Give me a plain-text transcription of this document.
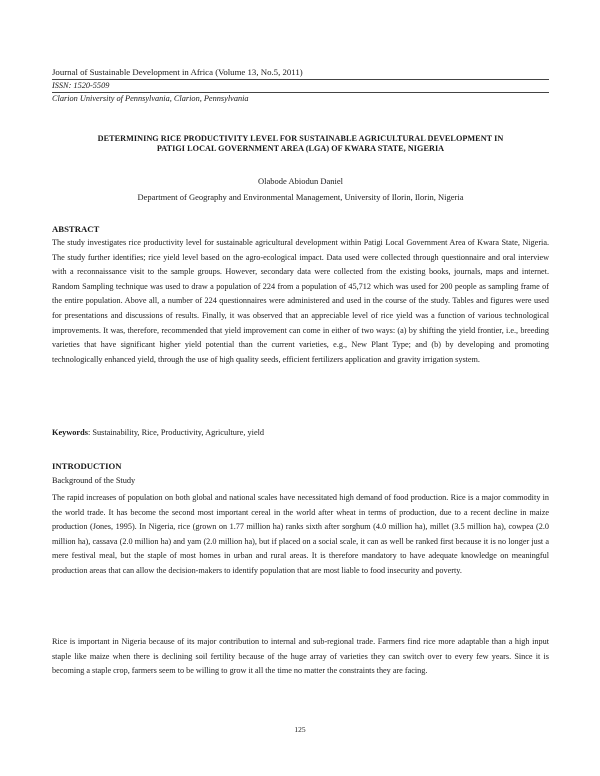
Journal of Sustainable Development in Africa (Volume 13, No.5, 2011)
ISSN: 1520-5509
Clarion University of Pennsylvania, Clarion, Pennsylvania
DETERMINING RICE PRODUCTIVITY LEVEL FOR SUSTAINABLE AGRICULTURAL DEVELOPMENT IN
PATIGI LOCAL GOVERNMENT AREA (LGA) OF KWARA STATE, NIGERIA
Olabode Abiodun Daniel
Department of Geography and Environmental Management, University of Ilorin, Ilorin, Nigeria
ABSTRACT
The study investigates rice productivity level for sustainable agricultural development within Patigi Local Government Area of Kwara State, Nigeria. The study further identifies; rice yield level based on the agro-ecological impact. Data used were collected through questionnaire and oral interview with a reconnaissance visit to the sample groups. However, secondary data were collected from the existing books, journals, maps and internet. Random Sampling technique was used to draw a population of 224 from a population of 45,712 which was used for 200 people as sampling frame of the entire population. Above all, a number of 224 questionnaires were administered and used in the course of the study. Tables and figures were used for presentations and discussions of results. Finally, it was observed that an appreciable level of rice yield was a function of various technological improvements. It was, therefore, recommended that yield improvement can come in either of two ways: (a) by shifting the yield frontier, i.e., breeding varieties that have significant higher yield potential than the current varieties, e.g., New Plant Type; and (b) by developing and promoting technologically enhanced yield, through the use of high quality seeds, efficient fertilizers application and gravity irrigation system.
Keywords: Sustainability, Rice, Productivity, Agriculture, yield
INTRODUCTION
Background of the Study
The rapid increases of population on both global and national scales have necessitated high demand of food production. Rice is a major commodity in the world trade. It has become the second most important cereal in the world after wheat in terms of production, due to a recent decline in maize production (Jones, 1995). In Nigeria, rice (grown on 1.77 million ha) ranks sixth after sorghum (4.0 million ha), millet (3.5 million ha), cowpea (2.0 million ha), cassava (2.0 million ha) and yam (2.0 million ha), but if placed on a social scale, it can as well be ranked first because it is no longer just a mere festival meal, but the staple of most homes in urban and rural areas. It is therefore mandatory to have adequate knowledge on meaningful production areas that can allow the decision-makers to identify population that are most liable to food insecurity and poverty.
Rice is important in Nigeria because of its major contribution to internal and sub-regional trade. Farmers find rice more adaptable than a high input staple like maize when there is declining soil fertility because of the huge array of varieties they can switch over to every few years. Since it is becoming a staple crop, farmers seem to be willing to grow it all the time no matter the constraints they are facing.
125
